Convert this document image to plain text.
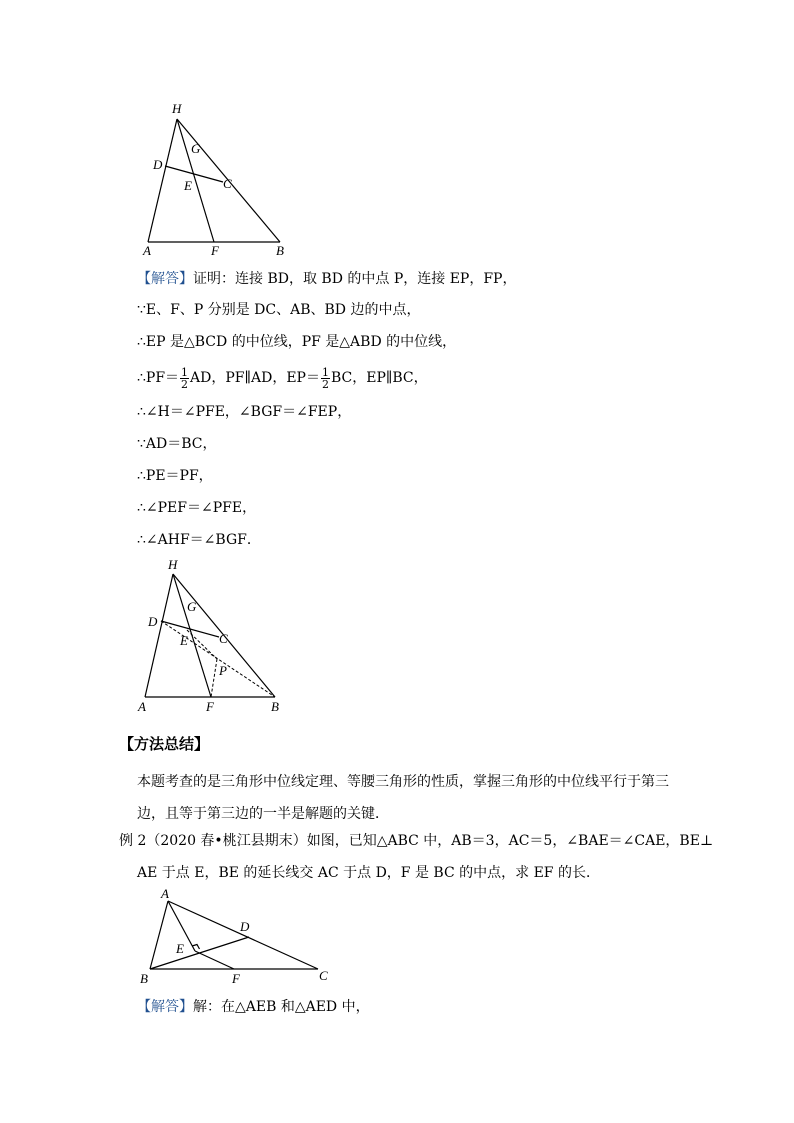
H
G
D
E C
A	F	B
【解答】证明：连接 BD，取 BD 的中点 P，连接 EP，FP，
∵E、F、P 分别是 DC、AB、BD 边的中点，
∴EP 是△BCD 的中位线，PF 是△ABD 的中位线，
∴PF＝ $\frac{1}{2}$ AD，PF∥AD，$EP= \frac{1}{2}$ BC，EP∥BC，
∴∠H＝∠PFE，∠BGF＝∠FEP，
∵AD＝BC，
∴PE＝PF，
∴∠PEF＝∠PFE，
∴∠AHF＝∠BGF．
H
G
D
C
E
P
A	F	B
【方法总结】
本题考查的是三角形中位线定理、等腰三角形的性质，掌握三角形的中位线平行于第三边，且等于第三边的一半是解题的关键．
例 2（2020 春•桃江县期末）如图，已知△ABC 中，AB＝3，AC＝5，∠BAE＝∠CAE，BE⊥
AE 于点 E，BE 的延长线交 AC 于点 D，F 是 BC 的中点，求 EF 的长．
A
D
E
B	F	C
【解答】解：在△AEB 和△AED 中，
